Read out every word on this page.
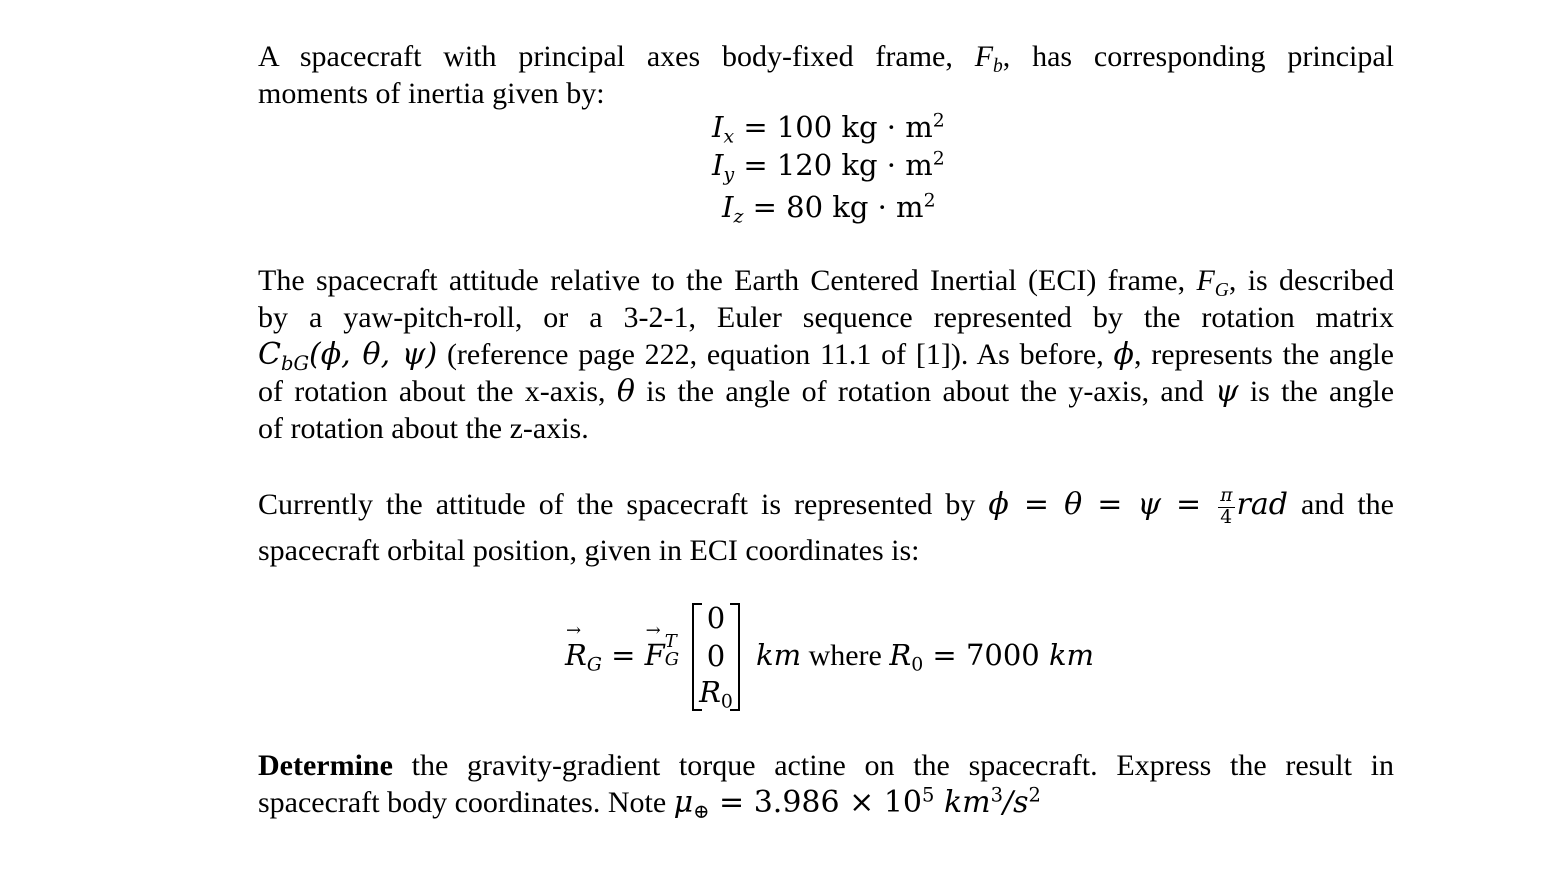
A spacecraft with principal axes body-fixed frame, $F_b$, has corresponding principal
moments of inertia given by:
$I_x = 100$ kg · $m^2$
$I_y = 120$ kg · $m^2$
$I_z = 80$ kg · $m^2$
The spacecraft attitude relative to the Earth Centered Inertial (ECI) frame, $F_G$, is described
by a yaw-pitch-roll, or a 3-2-1, Euler sequence represented by the rotation matrix
$C_{bG}(\phi$, θ, ψ) (reference page 222, equation 11.1 of [1]). As before, ϕ, represents the angle
of rotation about the x-axis, θ is the angle of rotation about the y-axis, and ψ is the angle
of rotation about the z-axis.
Currently the attitude of the spacecraft is represented by $\phi = \theta = \psi = \frac{\pi}{4}$ rad and the
spacecraft orbital position, given in ECI coordinates is:
→ $R_G$ = → F T
G
0
0
$R_0$
km where $R_0 = 7000$ km
Determine the gravity-gradient torque actine on the spacecraft. Express the result in
spacecraft body coordinates. Note $\mu_\oplus = 3.986 \times 10^5$ $km^3/s^2$
